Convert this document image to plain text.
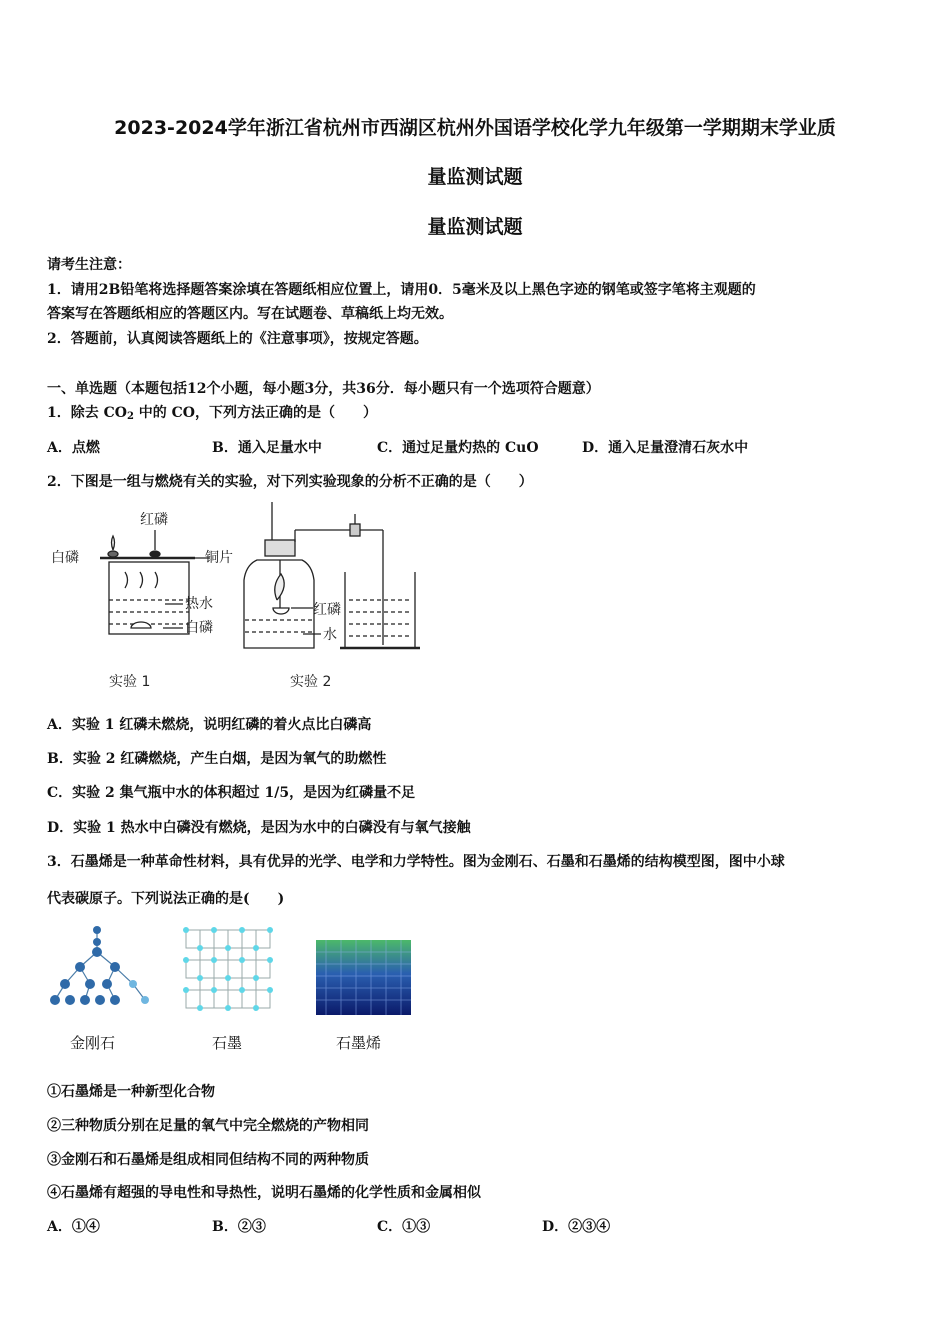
2023-2024学年浙江省杭州市西湖区杭州外国语学校化学九年级第一学期期末学业质
量监测试题
量监测试题
请考生注意：
1．请用2B铅笔将选择题答案涂填在答题纸相应位置上，请用0．5毫米及以上黑色字迹的钢笔或签字笔将主观题的
答案写在答题纸相应的答题区内。写在试题卷、草稿纸上均无效。
2．答题前，认真阅读答题纸上的《注意事项》，按规定答题。
一、单选题（本题包括12个小题，每小题3分，共36分．每小题只有一个选项符合题意）
1．除去 $CO_2$ 中的 CO，下列方法正确的是（　　）
A．点燃	B．通入足量水中	C．通过足量灼热的 CuO	D．通入足量澄清石灰水中
2．下图是一组与燃烧有关的实验，对下列实验现象的分析不正确的是（　　）
红磷
白磷	铜片
热水
白磷
红磷
水
实验 1	实验 2
A．实验 1 红磷未燃烧，说明红磷的着火点比白磷高
B．实验 2 红磷燃烧，产生白烟，是因为氧气的助燃性
C．实验 2 集气瓶中水的体积超过 1/5，是因为红磷量不足
D．实验 1 热水中白磷没有燃烧，是因为水中的白磷没有与氧气接触
3．石墨烯是一种革命性材料，具有优异的光学、电学和力学特性。图为金刚石、石墨和石墨烯的结构模型图，图中小球
代表碳原子。下列说法正确的是(　　)
金刚石	石墨	石墨烯
①石墨烯是一种新型化合物
②三种物质分别在足量的氧气中完全燃烧的产物相同
③金刚石和石墨烯是组成相同但结构不同的两种物质
④石墨烯有超强的导电性和导热性，说明石墨烯的化学性质和金属相似
A．①④	B．②③	C．①③	D．②③④
